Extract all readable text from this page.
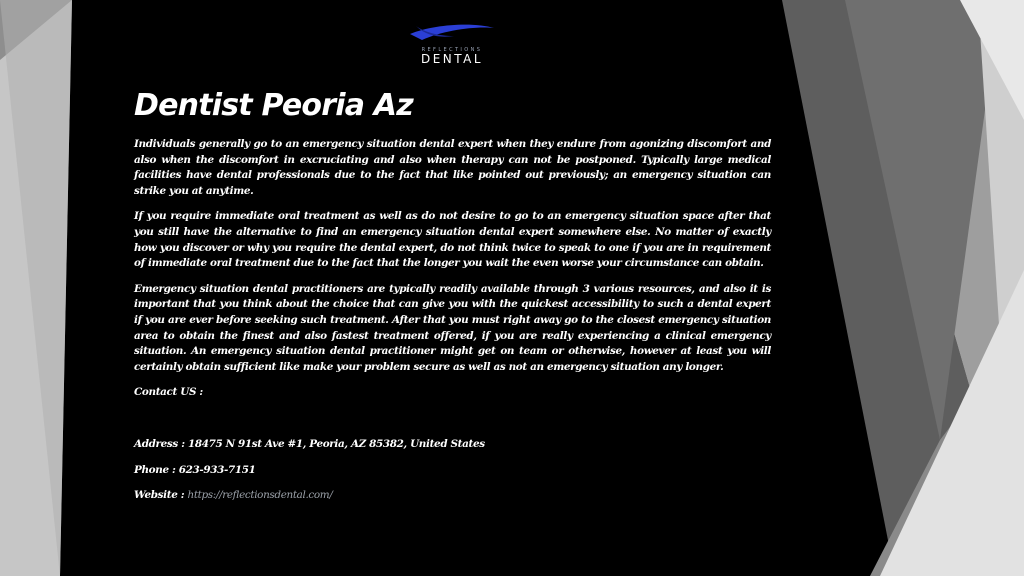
REFLECTIONS
DENTAL
Dentist Peoria Az

Individuals generally go to an emergency situation dental expert when they endure from agonizing discomfort and also when the discomfort in excruciating and also when therapy can not be postponed. Typically large medical facilities have dental professionals due to the fact that like pointed out previously; an emergency situation can strike you at anytime.

If you require immediate oral treatment as well as do not desire to go to an emergency situation space after that you still have the alternative to find an emergency situation dental expert somewhere else. No matter of exactly how you discover or why you require the dental expert, do not think twice to speak to one if you are in requirement of immediate oral treatment due to the fact that the longer you wait the even worse your circumstance can obtain.

Emergency situation dental practitioners are typically readily available through 3 various resources, and also it is important that you think about the choice that can give you with the quickest accessibility to such a dental expert if you are ever before seeking such treatment. After that you must right away go to the closest emergency situation area to obtain the finest and also fastest treatment offered, if you are really experiencing a clinical emergency situation. An emergency situation dental practitioner might get on team or otherwise, however at least you will certainly obtain sufficient like make your problem secure as well as not an emergency situation any longer.

Contact US :

Address : 18475 N 91st Ave #1, Peoria, AZ 85382, United States

Phone : 623-933-7151

Website : https://reflectionsdental.com/
